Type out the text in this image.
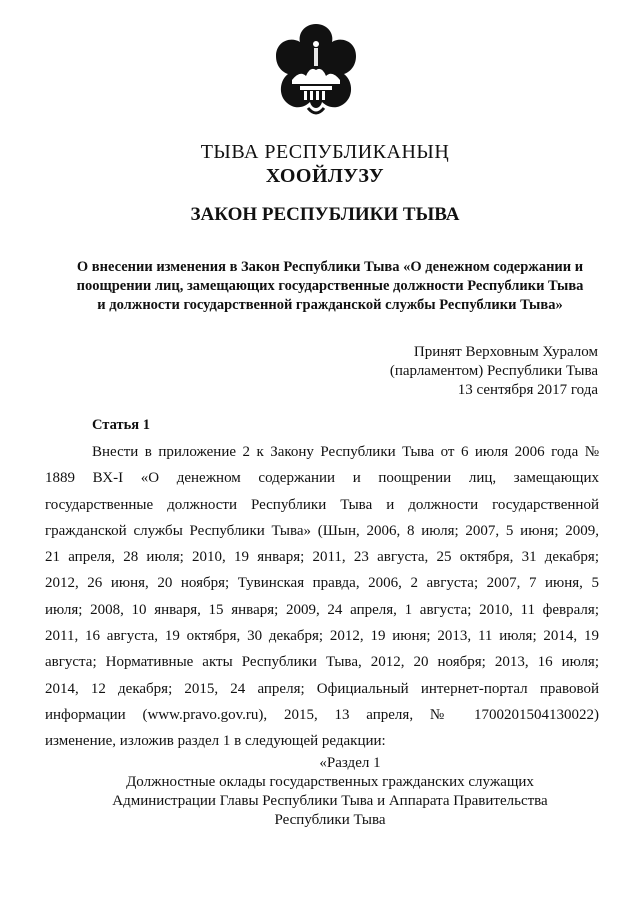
ТЫВА РЕСПУБЛИКАНЫҢ
ХООЙЛУЗУ
ЗАКОН РЕСПУБЛИКИ ТЫВА
О внесении изменения в Закон Республики Тыва «О денежном содержании и
поощрении лиц, замещающих государственные должности Республики Тыва
и должности государственной гражданской службы Республики Тыва»
Принят Верховным Хуралом
(парламентом) Республики Тыва
13 сентября 2017 года
Статья 1
Внести в приложение 2 к Закону Республики Тыва от 6 июля 2006 года №
1889 ВХ-I «О денежном содержании и поощрении лиц, замещающих
государственные должности Республики Тыва и должности государственной
гражданской службы Республики Тыва» (Шын, 2006, 8 июля; 2007, 5 июня; 2009,
21 апреля, 28 июля; 2010, 19 января; 2011, 23 августа, 25 октября, 31 декабря;
2012, 26 июня, 20 ноября; Тувинская правда, 2006, 2 августа; 2007, 7 июня, 5
июля; 2008, 10 января, 15 января; 2009, 24 апреля, 1 августа; 2010, 11 февраля;
2011, 16 августа, 19 октября, 30 декабря; 2012, 19 июня; 2013, 11 июля; 2014, 19
августа; Нормативные акты Республики Тыва, 2012, 20 ноября; 2013, 16 июля;
2014, 12 декабря; 2015, 24 апреля; Официальный интернет-портал правовой
информации (www.pravo.gov.ru), 2015, 13 апреля, № 1700201504130022)
изменение, изложив раздел 1 в следующей редакции:
«Раздел 1
Должностные оклады государственных гражданских служащих
Администрации Главы Республики Тыва и Аппарата Правительства
Республики Тыва
